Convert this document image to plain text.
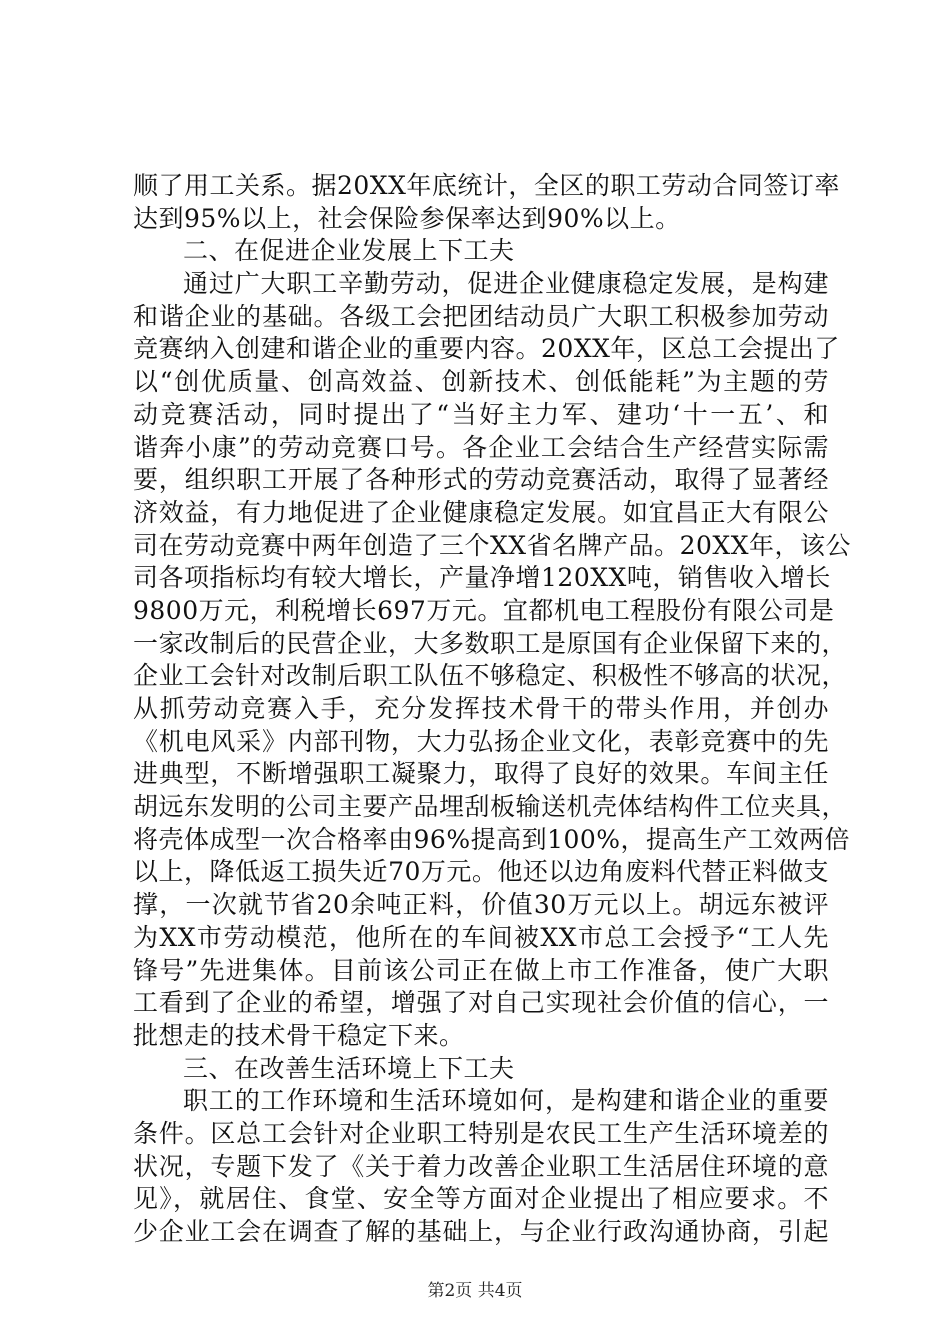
顺了用工关系。据20XX年底统计，全区的职工劳动合同签订率
达到95%以上，社会保险参保率达到90%以上。
二、在促进企业发展上下工夫
通过广大职工辛勤劳动，促进企业健康稳定发展，是构建
和谐企业的基础。各级工会把团结动员广大职工积极参加劳动
竞赛纳入创建和谐企业的重要内容。20XX年，区总工会提出了
以“创优质量、创高效益、创新技术、创低能耗”为主题的劳
动竞赛活动，同时提出了“当好主力军、建功‘十一五’、和
谐奔小康”的劳动竞赛口号。各企业工会结合生产经营实际需
要，组织职工开展了各种形式的劳动竞赛活动，取得了显著经
济效益，有力地促进了企业健康稳定发展。如宜昌正大有限公
司在劳动竞赛中两年创造了三个XX省名牌产品。20XX年，该公
司各项指标均有较大增长，产量净增120XX吨，销售收入增长
9800万元，利税增长697万元。宜都机电工程股份有限公司是
一家改制后的民营企业，大多数职工是原国有企业保留下来的，
企业工会针对改制后职工队伍不够稳定、积极性不够高的状况，
从抓劳动竞赛入手，充分发挥技术骨干的带头作用，并创办
《机电风采》内部刊物，大力弘扬企业文化，表彰竞赛中的先
进典型，不断增强职工凝聚力，取得了良好的效果。车间主任
胡远东发明的公司主要产品埋刮板输送机壳体结构件工位夹具，
将壳体成型一次合格率由96%提高到100%，提高生产工效两倍
以上，降低返工损失近70万元。他还以边角废料代替正料做支
撑，一次就节省20余吨正料，价值30万元以上。胡远东被评
为XX市劳动模范，他所在的车间被XX市总工会授予“工人先
锋号”先进集体。目前该公司正在做上市工作准备，使广大职
工看到了企业的希望，增强了对自己实现社会价值的信心，一
批想走的技术骨干稳定下来。
三、在改善生活环境上下工夫
职工的工作环境和生活环境如何，是构建和谐企业的重要
条件。区总工会针对企业职工特别是农民工生产生活环境差的
状况，专题下发了《关于着力改善企业职工生活居住环境的意
见》，就居住、食堂、安全等方面对企业提出了相应要求。不
少企业工会在调查了解的基础上，与企业行政沟通协商，引起
第2页 共4页
